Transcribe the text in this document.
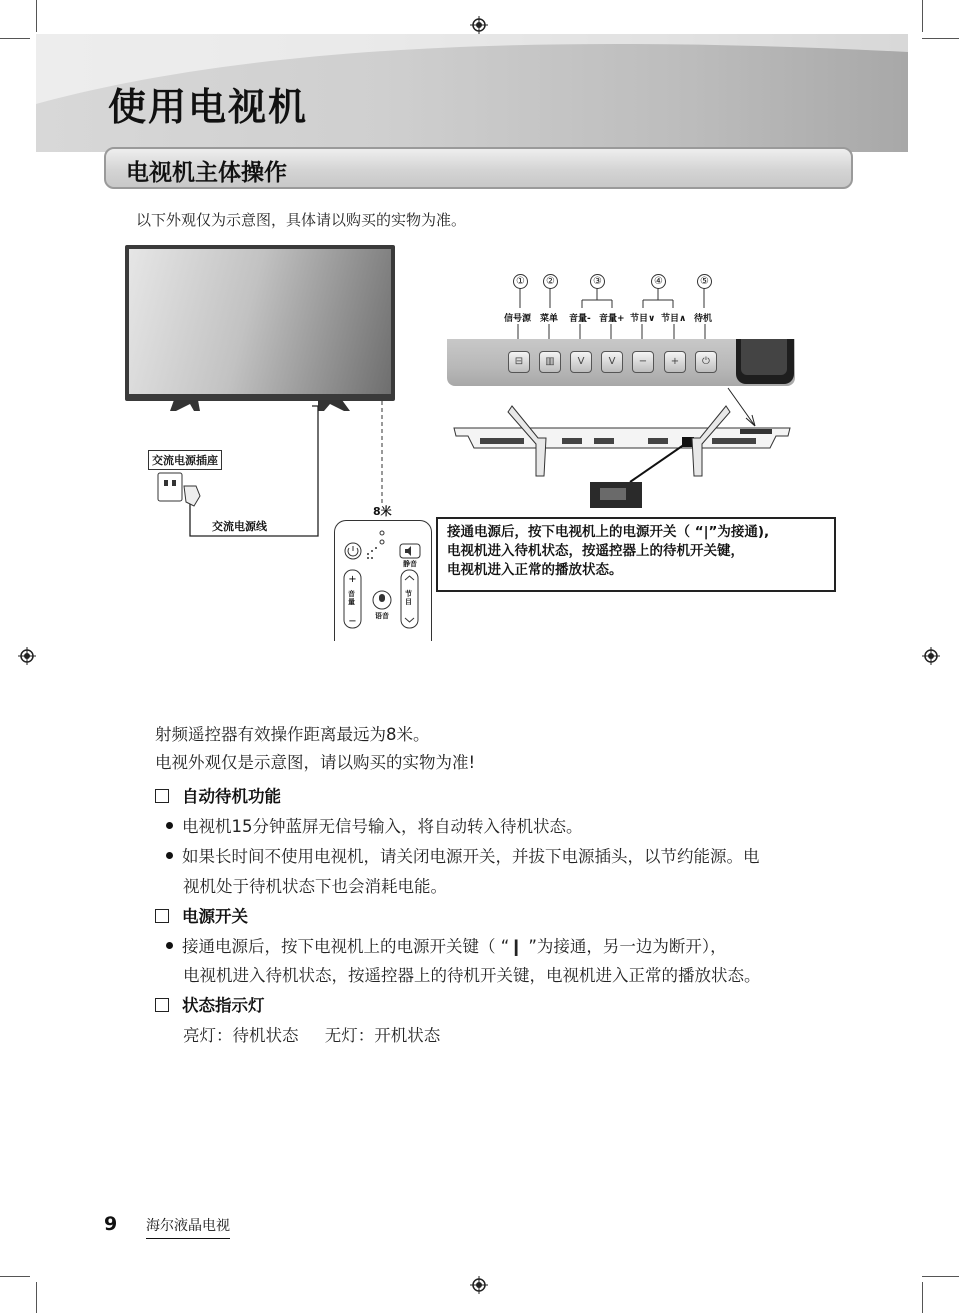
使用电视机
电视机主体操作
以下外观仅为示意图，具体请以购买的实物为准。
交流电源插座
交流电源线
8米
+
−
静音
音量
语音
节目
①	②	③	④	⑤
信号源 菜单 音量- 音量+ 节目∨ 节目∧ 待机
⊟	▥	V	V	−	+	⏻
接通电源后，按下电视机上的电源开关（ “|”为接通),
电视机进入待机状态，按遥控器上的待机开关键，
电视机进入正常的播放状态。
射频遥控器有效操作距离最远为8米。
电视外观仅是示意图，请以购买的实物为准!
自动待机功能
电视机15分钟蓝屏无信号输入，将自动转入待机状态。
如果长时间不使用电视机，请关闭电源开关，并拔下电源插头，以节约能源。电
视机处于待机状态下也会消耗电能。
电源开关
接通电源后，按下电视机上的电源开关键（ “❙ ”为接通，另一边为断开），
电视机进入待机状态，按遥控器上的待机开关键，电视机进入正常的播放状态。
状态指示灯
亮灯：待机状态     无灯：开机状态
9 海尔液晶电视
